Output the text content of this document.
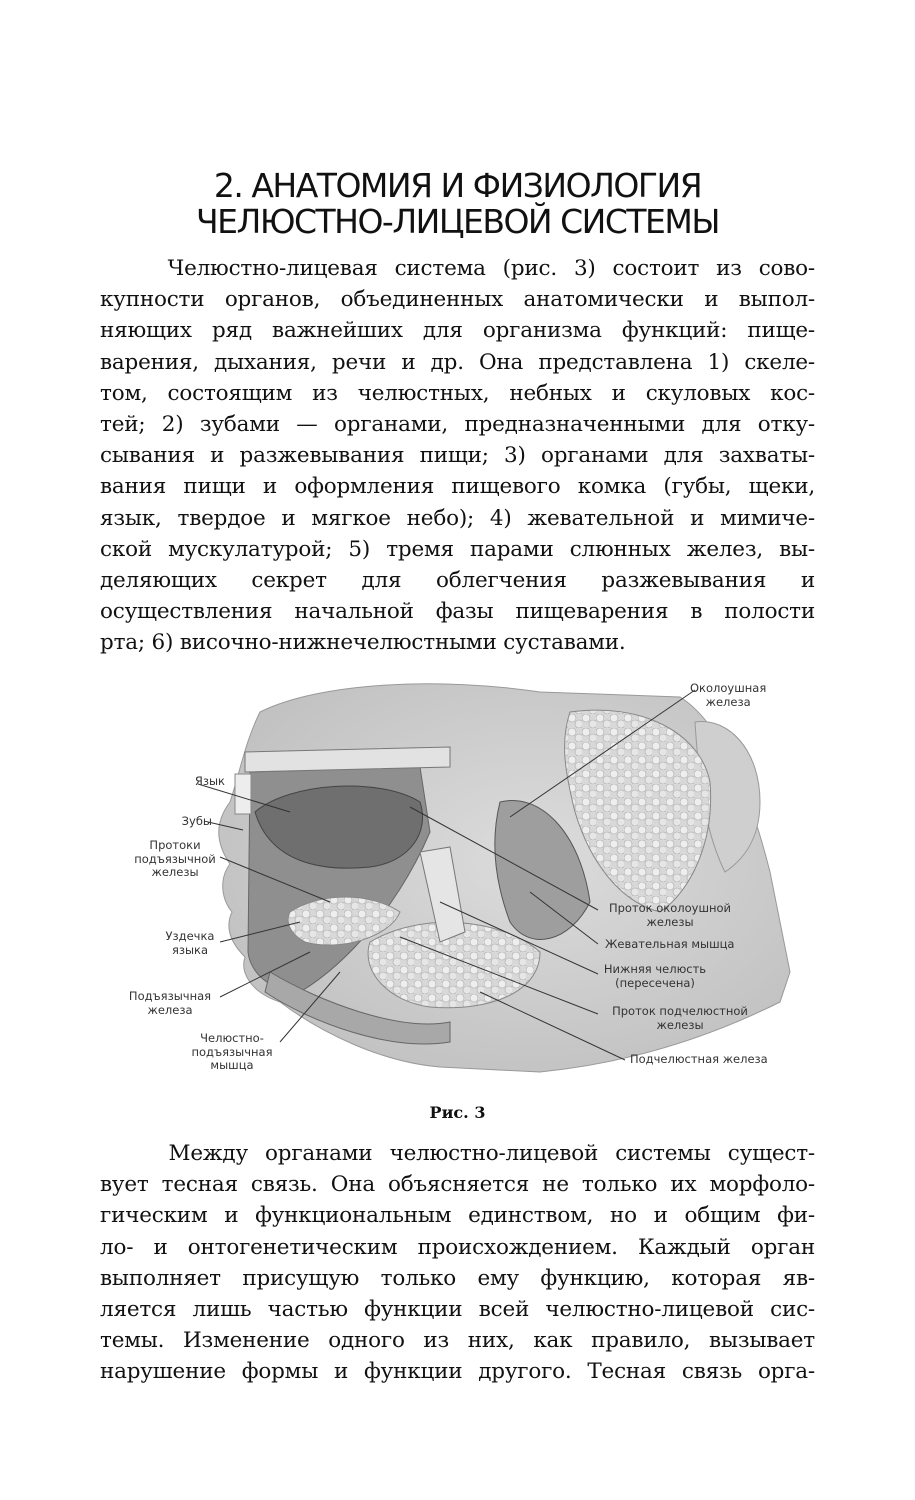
2. АНАТОМИЯ И ФИЗИОЛОГИЯ
ЧЕЛЮСТНО-ЛИЦЕВОЙ СИСТЕМЫ
Челюстно-лицевая система (рис. 3) состоит из сово-
купности органов, объединенных анатомически и выпол-
няющих ряд важнейших для организма функций: пище-
варения, дыхания, речи и др. Она представлена 1) скеле-
том, состоящим из челюстных, небных и скуловых кос-
тей; 2) зубами — органами, предназначенными для отку-
сывания и разжевывания пищи; 3) органами для захваты-
вания пищи и оформления пищевого комка (губы, щеки,
язык, твердое и мягкое небо); 4) жевательной и мимиче-
ской мускулатурой; 5) тремя парами слюнных желез, вы-
деляющих секрет для облегчения разжевывания и
осуществления начальной фазы пищеварения в полости
рта; 6) височно-нижнечелюстными суставами.
Околоушная
железа
Язык
Зубы
Протоки
подъязычной
железы
Уздечка
языка
Подъязычная
железа
Челюстно-
подъязычная
мышца
Проток околоушной
железы
Жевательная мышца
Нижняя челюсть
(пересечена)
Проток подчелюстной
железы
Подчелюстная железа
Рис. 3
Между органами челюстно-лицевой системы сущест-
вует тесная связь. Она объясняется не только их морфоло-
гическим и функциональным единством, но и общим фи-
ло- и онтогенетическим происхождением. Каждый орган
выполняет присущую только ему функцию, которая яв-
ляется лишь частью функции всей челюстно-лицевой сис-
темы. Изменение одного из них, как правило, вызывает
нарушение формы и функции другого. Тесная связь орга-
